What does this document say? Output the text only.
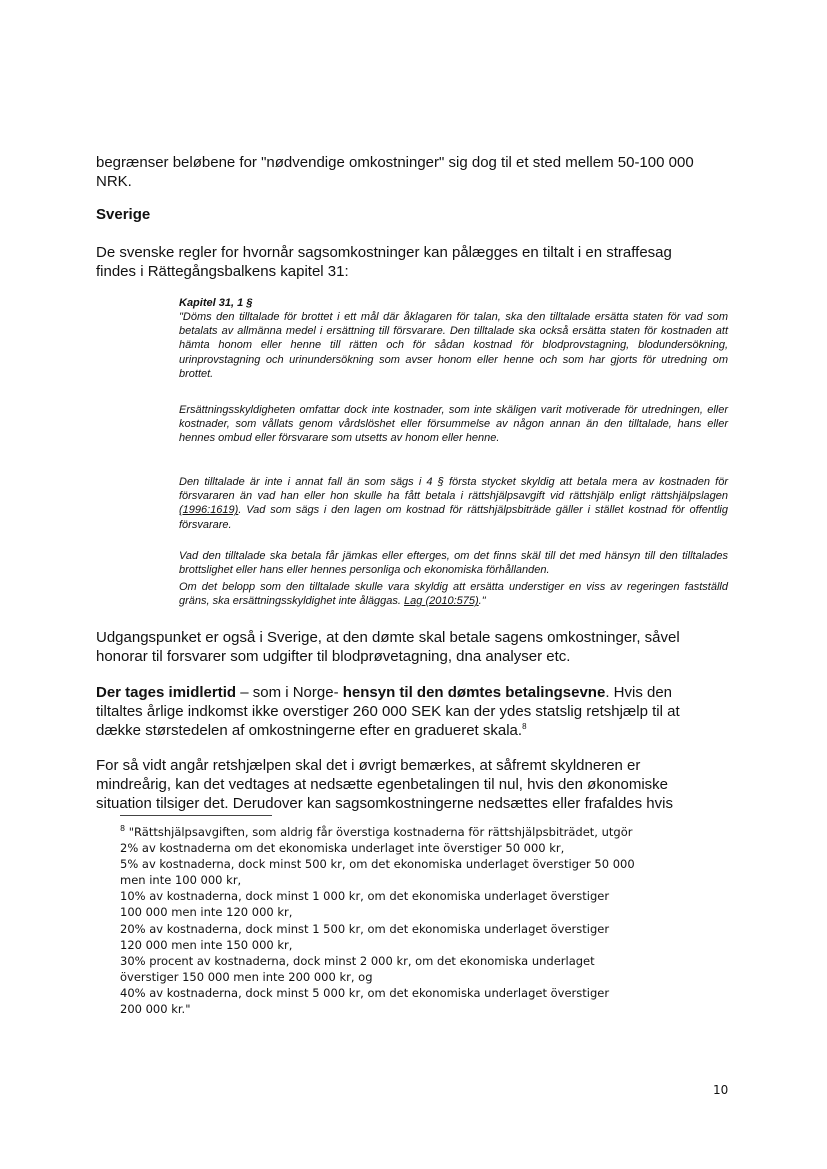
begrænser beløbene for "nødvendige omkostninger" sig dog til et sted mellem 50-100 000
NRK.

Sverige

De svenske regler for hvornår sagsomkostninger kan pålægges en tiltalt i en straffesag
findes i Rättegångsbalkens kapitel 31:

Kapitel 31, 1 §

"Döms den tilltalade för brottet i ett mål där åklagaren för talan, ska den tilltalade ersätta staten för vad som betalats av allmänna medel i ersättning till försvarare. Den tilltalade ska också ersätta staten för kostnaden att hämta honom eller henne till rätten och för sådan kostnad för blodprovstagning, blodundersökning, urinprovstagning och urinundersökning som avser honom eller henne och som har gjorts för utredning om brottet.

Ersättningsskyldigheten omfattar dock inte kostnader, som inte skäligen varit motiverade för utredningen, eller kostnader, som vållats genom vårdslöshet eller försummelse av någon annan än den tilltalade, hans eller hennes ombud eller försvarare som utsetts av honom eller henne.

Den tilltalade är inte i annat fall än som sägs i 4 § första stycket skyldig att betala mera av kostnaden för försvararen än vad han eller hon skulle ha fått betala i rättshjälpsavgift vid rättshjälp enligt rättshjälpslagen (1996:1619). Vad som sägs i den lagen om kostnad för rättshjälpsbiträde gäller i stället kostnad för offentlig försvarare.

Vad den tilltalade ska betala får jämkas eller efterges, om det finns skäl till det med hänsyn till den tilltalades brottslighet eller hans eller hennes personliga och ekonomiska förhållanden.

Om det belopp som den tilltalade skulle vara skyldig att ersätta understiger en viss av regeringen fastställd gräns, ska ersättningsskyldighet inte åläggas. Lag (2010:575)."

Udgangspunket er også i Sverige, at den dømte skal betale sagens omkostninger, såvel
honorar til forsvarer som udgifter til blodprøvetagning, dna analyser etc.

Der tages imidlertid – som i Norge- hensyn til den dømtes betalingsevne. Hvis den
tiltaltes årlige indkomst ikke overstiger 260 000 SEK kan der ydes statslig retshjælp til at
dække størstedelen af omkostningerne efter en gradueret skala.$^8$

For så vidt angår retshjælpen skal det i øvrigt bemærkes, at såfremt skyldneren er
mindreårig, kan det vedtages at nedsætte egenbetalingen til nul, hvis den økonomiske
situation tilsiger det. Derudover kan sagsomkostningerne nedsættes eller frafaldes hvis

$^8$ "Rättshjälpsavgiften, som aldrig får överstiga kostnaderna för rättshjälpsbiträdet, utgör
2% av kostnaderna om det ekonomiska underlaget inte överstiger 50 000 kr,
5% av kostnaderna, dock minst 500 kr, om det ekonomiska underlaget överstiger 50 000
men inte 100 000 kr,
10% av kostnaderna, dock minst 1 000 kr, om det ekonomiska underlaget överstiger
100 000 men inte 120 000 kr,
20% av kostnaderna, dock minst 1 500 kr, om det ekonomiska underlaget överstiger
120 000 men inte 150 000 kr,
30% procent av kostnaderna, dock minst 2 000 kr, om det ekonomiska underlaget
överstiger 150 000 men inte 200 000 kr, og
40% av kostnaderna, dock minst 5 000 kr, om det ekonomiska underlaget överstiger
200 000 kr."
10
